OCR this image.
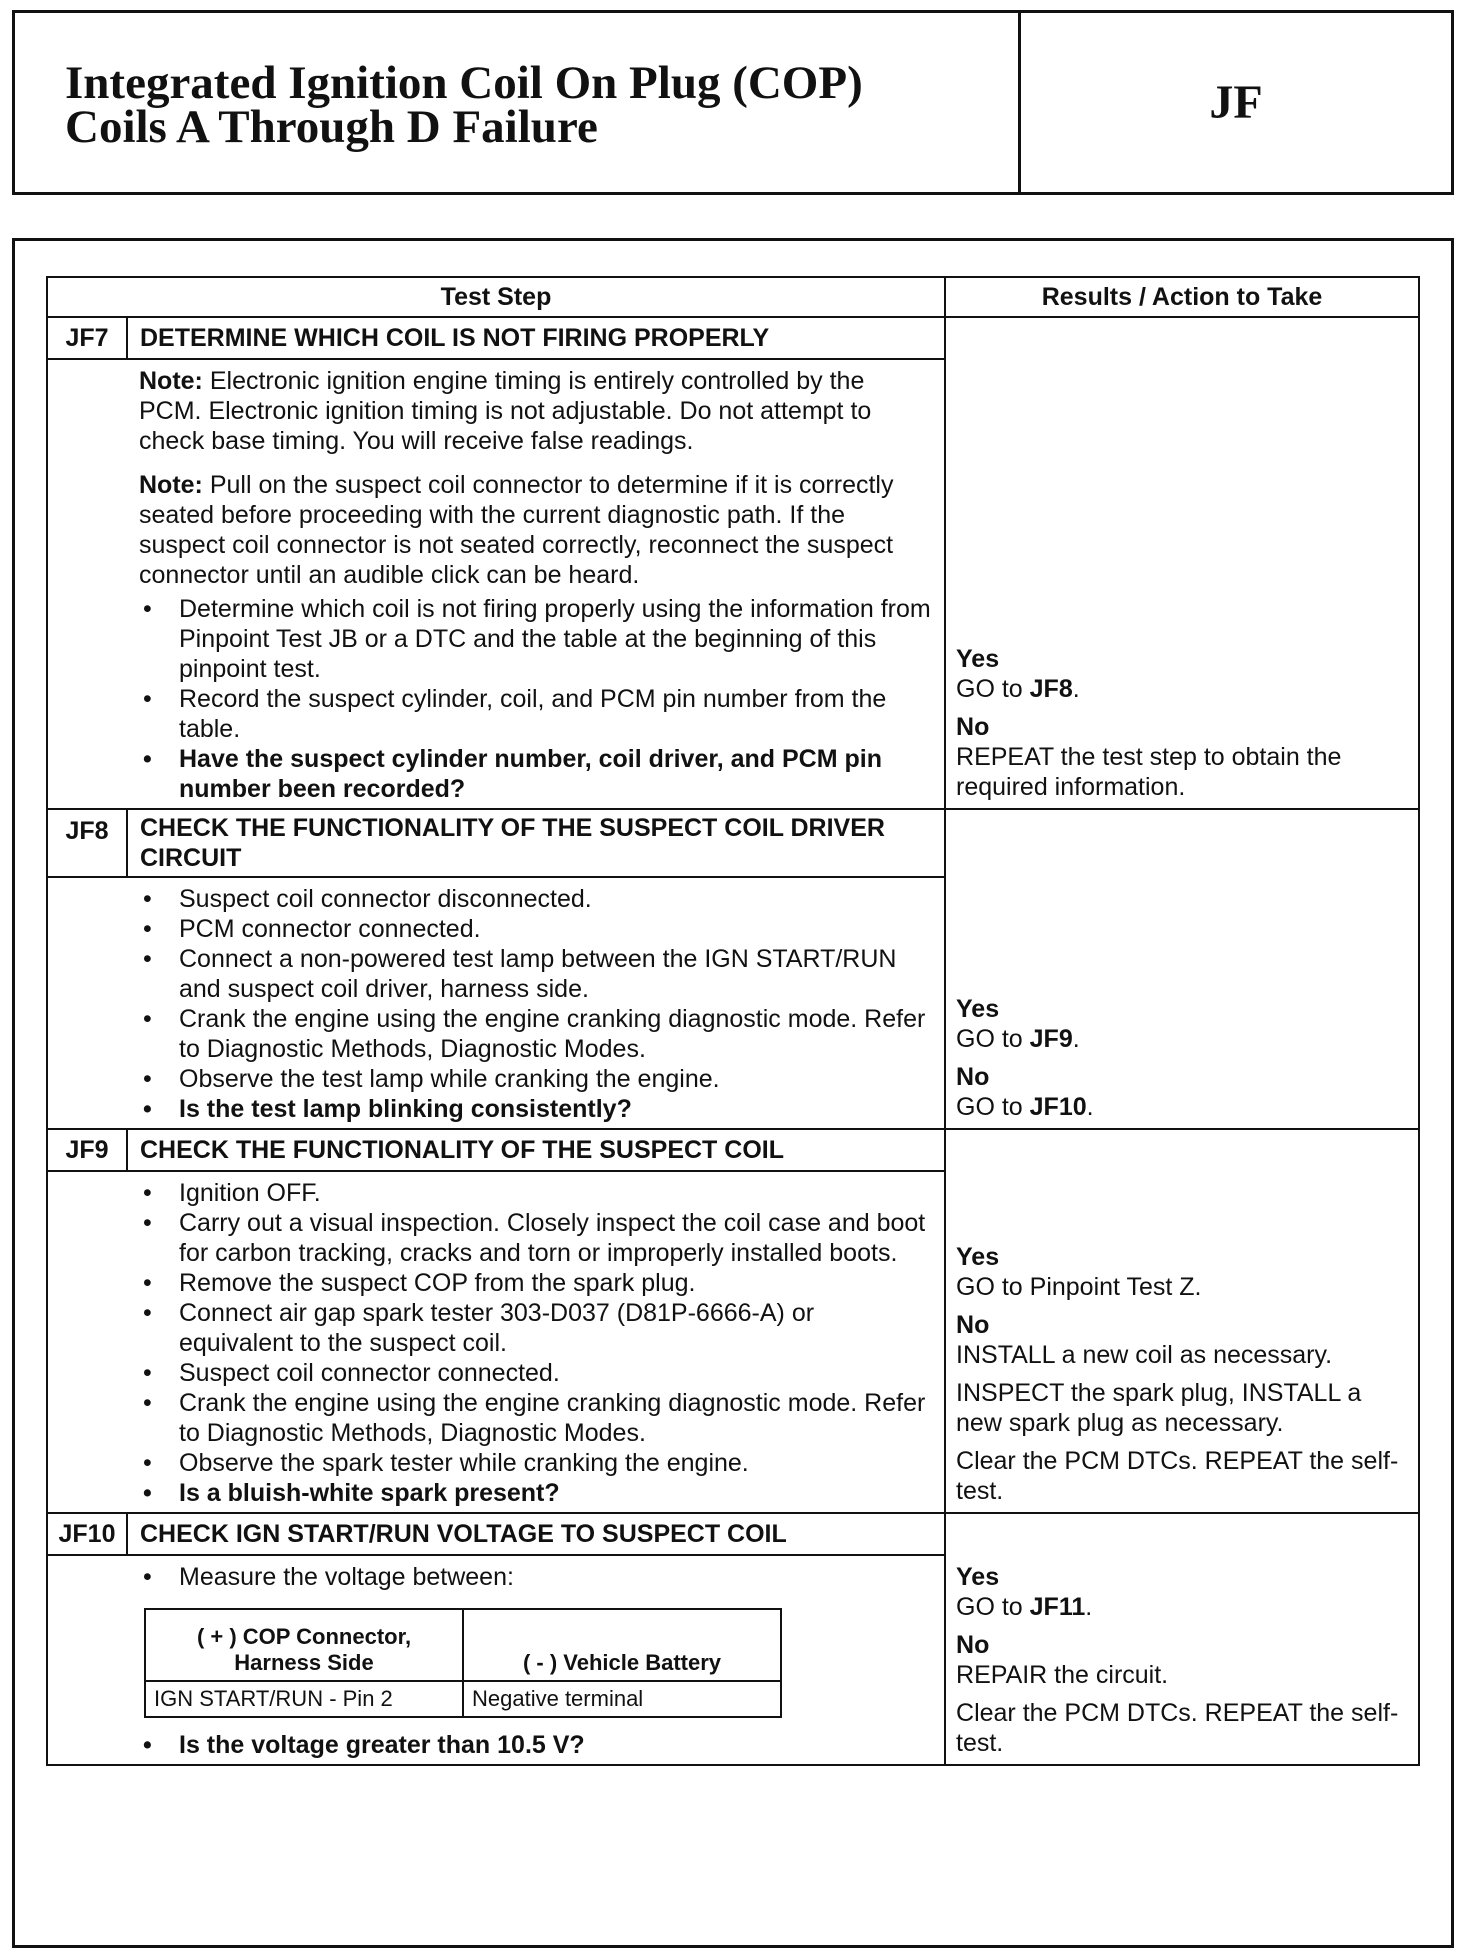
Integrated Ignition Coil On Plug (COP)
Coils A Through D Failure	JF
Test Step	Results / Action to Take
JF7	DETERMINE WHICH COIL IS NOT FIRING PROPERLY	
Yes
GO to JF8.
No
REPEAT the test step to obtain the required information.

Note: Electronic ignition engine timing is entirely controlled by the PCM. Electronic ignition timing is not adjustable. Do not attempt to check base timing. You will receive false readings.
Note: Pull on the suspect coil connector to determine if it is correctly seated before proceeding with the current diagnostic path. If the suspect coil connector is not seated correctly, reconnect the suspect connector until an audible click can be heard.
• Determine which coil is not firing properly using the information from Pinpoint Test JB or a DTC and the table at the beginning of this pinpoint test.
• Record the suspect cylinder, coil, and PCM pin number from the table.
• Have the suspect cylinder number, coil driver, and PCM pin number been recorded?

JF8	CHECK THE FUNCTIONALITY OF THE SUSPECT COIL DRIVER CIRCUIT	
Yes
GO to JF9.
No
GO to JF10.

• Suspect coil connector disconnected.
• PCM connector connected.
• Connect a non-powered test lamp between the IGN START/RUN and suspect coil driver, harness side.
• Crank the engine using the engine cranking diagnostic mode. Refer to Diagnostic Methods, Diagnostic Modes.
• Observe the test lamp while cranking the engine.
• Is the test lamp blinking consistently?

JF9	CHECK THE FUNCTIONALITY OF THE SUSPECT COIL	
Yes
GO to Pinpoint Test Z.
No
INSTALL a new coil as necessary.
INSPECT the spark plug, INSTALL a new spark plug as necessary.
Clear the PCM DTCs. REPEAT the self-test.

• Ignition OFF.
• Carry out a visual inspection. Closely inspect the coil case and boot for carbon tracking, cracks and torn or improperly installed boots.
• Remove the suspect COP from the spark plug.
• Connect air gap spark tester 303-D037 (D81P-6666-A) or equivalent to the suspect coil.
• Suspect coil connector connected.
• Crank the engine using the engine cranking diagnostic mode. Refer to Diagnostic Methods, Diagnostic Modes.
• Observe the spark tester while cranking the engine.
• Is a bluish-white spark present?

JF10	CHECK IGN START/RUN VOLTAGE TO SUSPECT COIL	
Yes
GO to JF11.
No
REPAIR the circuit.
Clear the PCM DTCs. REPEAT the self-test.

• Measure the voltage between:
( + ) COP Connector, Harness Side	( - ) Vehicle Battery
IGN START/RUN - Pin 2	Negative terminal
• Is the voltage greater than 10.5 V?
